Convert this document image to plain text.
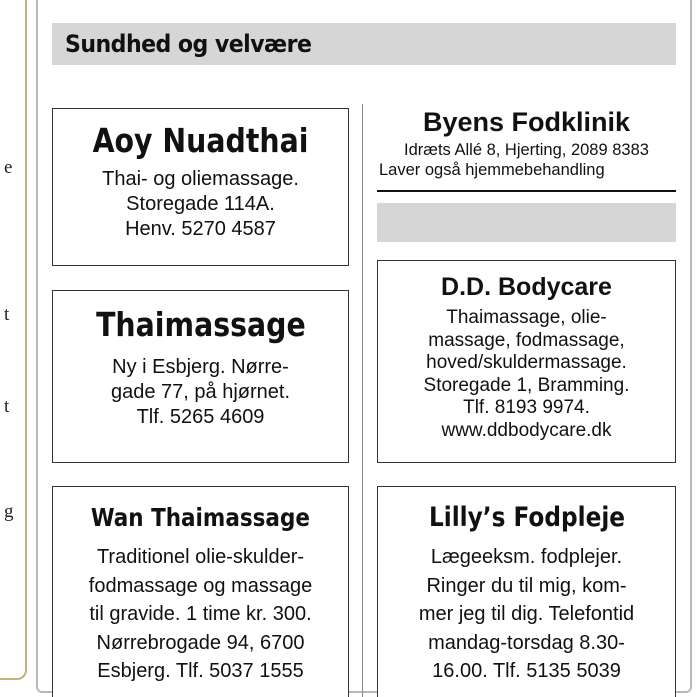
e
t
t
g
Sundhed og velvære
Aoy Nuadthai
Thai- og oliemassage.
Storegade 114A.
Henv. 5270 4587
Thaimassage
Ny i Esbjerg. Nørre-
gade 77, på hjørnet.
Tlf. 5265 4609
Wan Thaimassage
Traditionel olie-skulder-
fodmassage og massage
til gravide. 1 time kr. 300.
Nørrebrogade 94, 6700
Esbjerg. Tlf. 5037 1555
Byens Fodklinik
Idræts Allé 8, Hjerting, 2089 8383
Laver også hjemmebehandling
D.D. Bodycare
Thaimassage, olie-
massage, fodmassage,
hoved/skuldermassage.
Storegade 1, Bramming.
Tlf. 8193 9974.
www.ddbodycare.dk
Lilly’s Fodpleje
Lægeeksm. fodplejer.
Ringer du til mig, kom-
mer jeg til dig. Telefontid
mandag-torsdag 8.30-
16.00. Tlf. 5135 5039
